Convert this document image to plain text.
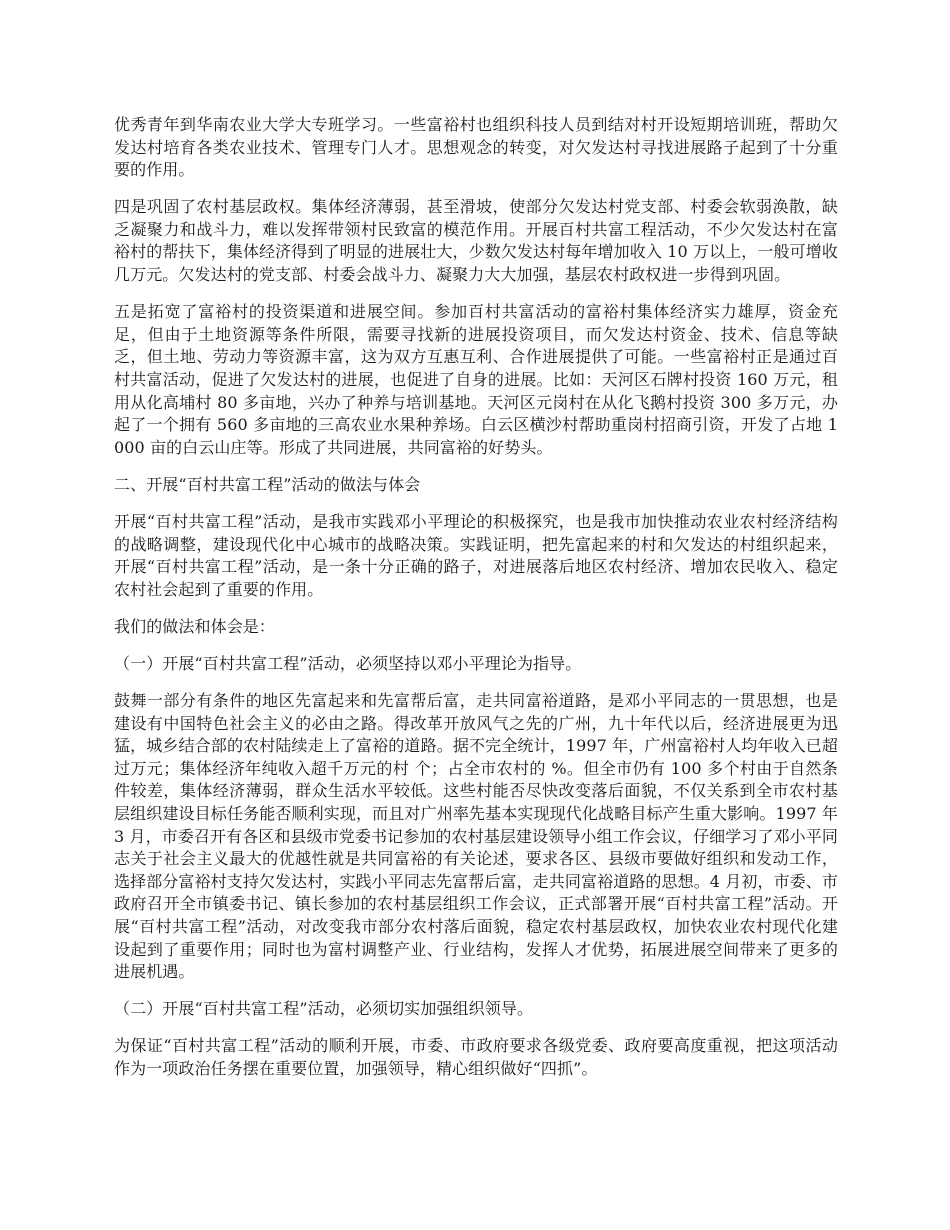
优秀青年到华南农业大学大专班学习。一些富裕村也组织科技人员到结对村开设短期培训班，帮助欠发达村培育各类农业技术、管理专门人才。思想观念的转变，对欠发达村寻找进展路子起到了十分重要的作用。

四是巩固了农村基层政权。集体经济薄弱，甚至滑坡，使部分欠发达村党支部、村委会软弱涣散，缺乏凝聚力和战斗力，难以发挥带领村民致富的模范作用。开展百村共富工程活动，不少欠发达村在富裕村的帮扶下，集体经济得到了明显的进展壮大，少数欠发达村每年增加收入 10 万以上，一般可增收几万元。欠发达村的党支部、村委会战斗力、凝聚力大大加强，基层农村政权进一步得到巩固。

五是拓宽了富裕村的投资渠道和进展空间。参加百村共富活动的富裕村集体经济实力雄厚，资金充足，但由于土地资源等条件所限，需要寻找新的进展投资项目，而欠发达村资金、技术、信息等缺乏，但土地、劳动力等资源丰富，这为双方互惠互利、合作进展提供了可能。一些富裕村正是通过百村共富活动，促进了欠发达村的进展，也促进了自身的进展。比如：天河区石牌村投资 160 万元，租用从化高埔村 80 多亩地，兴办了种养与培训基地。天河区元岗村在从化飞鹅村投资 300 多万元，办起了一个拥有 560 多亩地的三高农业水果种养场。白云区横沙村帮助重岗村招商引资，开发了占地 1000 亩的白云山庄等。形成了共同进展，共同富裕的好势头。

二、开展“百村共富工程”活动的做法与体会

开展“百村共富工程”活动，是我市实践邓小平理论的积极探究，也是我市加快推动农业农村经济结构的战略调整，建设现代化中心城市的战略决策。实践证明，把先富起来的村和欠发达的村组织起来，开展“百村共富工程”活动，是一条十分正确的路子，对进展落后地区农村经济、增加农民收入、稳定农村社会起到了重要的作用。

我们的做法和体会是：

（一）开展“百村共富工程”活动，必须坚持以邓小平理论为指导。

鼓舞一部分有条件的地区先富起来和先富帮后富，走共同富裕道路，是邓小平同志的一贯思想，也是建设有中国特色社会主义的必由之路。得改革开放风气之先的广州，九十年代以后，经济进展更为迅猛，城乡结合部的农村陆续走上了富裕的道路。据不完全统计，1997 年，广州富裕村人均年收入已超过万元；集体经济年纯收入超千万元的村 个；占全市农村的 %。但全市仍有 100 多个村由于自然条件较差，集体经济薄弱，群众生活水平较低。这些村能否尽快改变落后面貌，不仅关系到全市农村基层组织建设目标任务能否顺利实现，而且对广州率先基本实现现代化战略目标产生重大影响。1997 年 3 月，市委召开有各区和县级市党委书记参加的农村基层建设领导小组工作会议，仔细学习了邓小平同志关于社会主义最大的优越性就是共同富裕的有关论述，要求各区、县级市要做好组织和发动工作，选择部分富裕村支持欠发达村，实践小平同志先富帮后富，走共同富裕道路的思想。4 月初，市委、市政府召开全市镇委书记、镇长参加的农村基层组织工作会议，正式部署开展“百村共富工程”活动。开展“百村共富工程”活动，对改变我市部分农村落后面貌，稳定农村基层政权，加快农业农村现代化建设起到了重要作用；同时也为富村调整产业、行业结构，发挥人才优势，拓展进展空间带来了更多的进展机遇。

（二）开展“百村共富工程”活动，必须切实加强组织领导。

为保证“百村共富工程”活动的顺利开展，市委、市政府要求各级党委、政府要高度重视，把这项活动作为一项政治任务摆在重要位置，加强领导，精心组织做好“四抓”。
